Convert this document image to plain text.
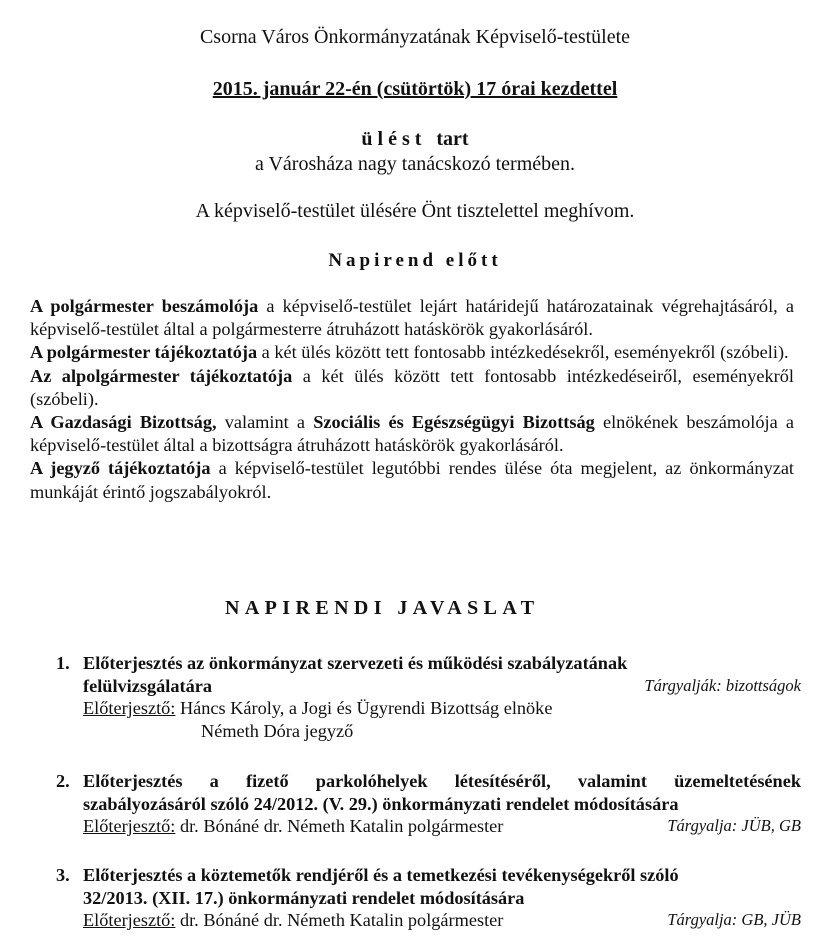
Csorna Város Önkormányzatának Képviselő-testülete
2015. január 22-én (csütörtök) 17 órai kezdettel
ülést tart
a Városháza nagy tanácskozó termében.
A képviselő-testület ülésére Önt tisztelettel meghívom.
Napirend előtt

A polgármester beszámolója a képviselő-testület lejárt határidejű határozatainak végrehajtásáról, a képviselő-testület által a polgármesterre átruházott hatáskörök gyakorlásáról.

A polgármester tájékoztatója a két ülés között tett fontosabb intézkedésekről, eseményekről (szóbeli).

Az alpolgármester tájékoztatója a két ülés között tett fontosabb intézkedéseiről, eseményekről (szóbeli).

A Gazdasági Bizottság, valamint a Szociális és Egészségügyi Bizottság elnökének beszámolója a képviselő-testület által a bizottságra átruházott hatáskörök gyakorlásáról.

A jegyző tájékoztatója a képviselő-testület legutóbbi rendes ülése óta megjelent, az önkormányzat munkáját érintő jogszabályokról.

NAPIRENDI JAVASLAT
1. Előterjesztés az önkormányzat szervezeti és működési szabályzatának
felülvizsgálatára	Tárgyalják: bizottságok
Előterjesztő: Háncs Károly, a Jogi és Ügyrendi Bizottság elnöke
Németh Dóra jegyző
2. Előterjesztés a fizető parkolóhelyek létesítéséről, valamint üzemeltetésének
szabályozásáról szóló 24/2012. (V. 29.) önkormányzati rendelet módosítására
Előterjesztő: dr. Bónáné dr. Németh Katalin polgármester	Tárgyalja: JÜB, GB
3. Előterjesztés a köztemetők rendjéről és a temetkezési tevékenységekről szóló
32/2013. (XII. 17.) önkormányzati rendelet módosítására
Előterjesztő: dr. Bónáné dr. Németh Katalin polgármester	Tárgyalja: GB, JÜB
